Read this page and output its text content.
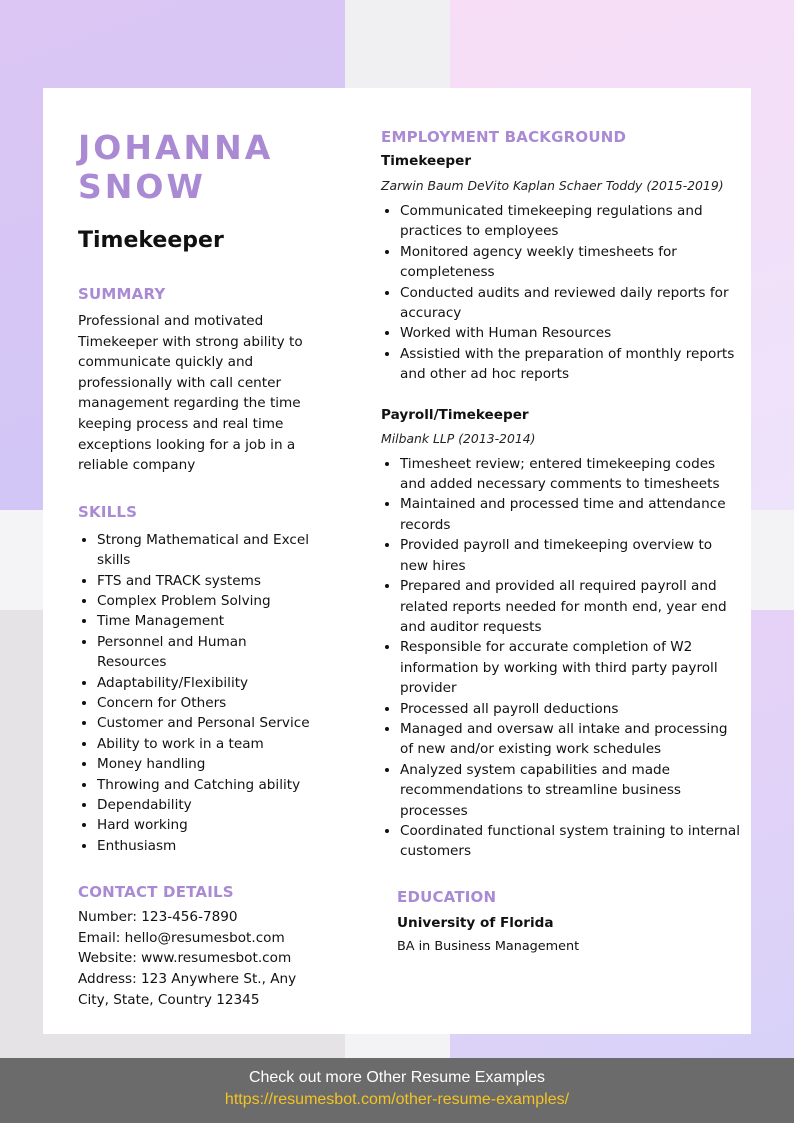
JOHANNA SNOW
Timekeeper
SUMMARY
Professional and motivated Timekeeper with strong ability to communicate quickly and professionally with call center management regarding the time keeping process and real time exceptions looking for a job in a reliable company
SKILLS
• Strong Mathematical and Excel skills
• FTS and TRACK systems
• Complex Problem Solving
• Time Management
• Personnel and Human Resources
• Adaptability/Flexibility
• Concern for Others
• Customer and Personal Service
• Ability to work in a team
• Money handling
• Throwing and Catching ability
• Dependability
• Hard working
• Enthusiasm
CONTACT DETAILS
Number: 123-456-7890
Email: hello@resumesbot.com
Website: www.resumesbot.com
Address: 123 Anywhere St., Any City, State, Country 12345
EMPLOYMENT BACKGROUND
Timekeeper
Zarwin Baum DeVito Kaplan Schaer Toddy (2015-2019)
• Communicated timekeeping regulations and practices to employees
• Monitored agency weekly timesheets for completeness
• Conducted audits and reviewed daily reports for accuracy
• Worked with Human Resources
• Assistied with the preparation of monthly reports and other ad hoc reports
Payroll/Timekeeper
Milbank LLP (2013-2014)
• Timesheet review; entered timekeeping codes and added necessary comments to timesheets
• Maintained and processed time and attendance records
• Provided payroll and timekeeping overview to new hires
• Prepared and provided all required payroll and related reports needed for month end, year end and auditor requests
• Responsible for accurate completion of W2 information by working with third party payroll provider
• Processed all payroll deductions
• Managed and oversaw all intake and processing of new and/or existing work schedules
• Analyzed system capabilities and made recommendations to streamline business processes
• Coordinated functional system training to internal customers
EDUCATION
University of Florida
BA in Business Management
Check out more Other Resume Examples
https://resumesbot.com/other-resume-examples/
